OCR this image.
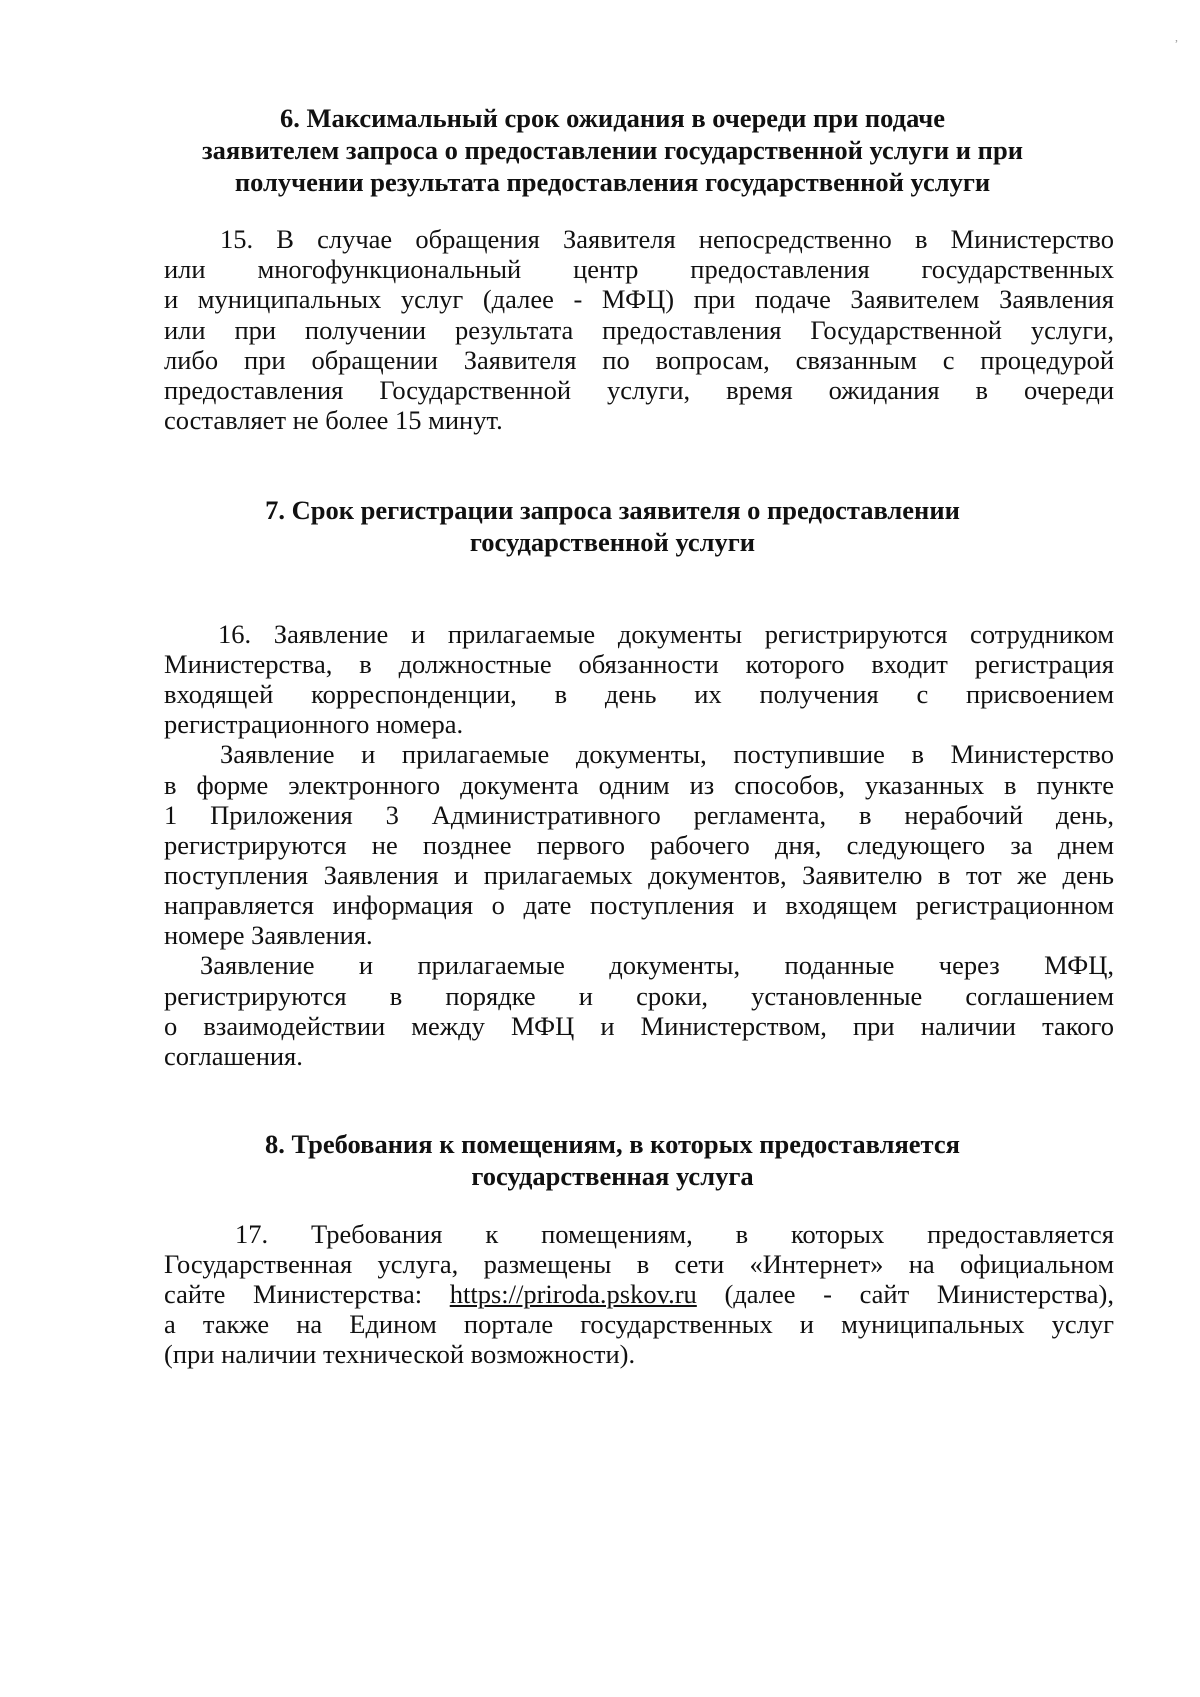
6. Максимальный срок ожидания в очереди при подаче
заявителем запроса о предоставлении государственной услуги и при
получении результата предоставления государственной услуги
15. В случае обращения Заявителя непосредственно в Министерство
или многофункциональный центр предоставления государственных
и муниципальных услуг (далее - МФЦ) при подаче Заявителем Заявления
или при получении результата предоставления Государственной услуги,
либо при обращении Заявителя по вопросам, связанным с процедурой
предоставления Государственной услуги, время ожидания в очереди
составляет не более 15 минут.
7. Срок регистрации запроса заявителя о предоставлении
государственной услуги
16. Заявление и прилагаемые документы регистрируются сотрудником
Министерства, в должностные обязанности которого входит регистрация
входящей корреспонденции, в день их получения с присвоением
регистрационного номера.
Заявление и прилагаемые документы, поступившие в Министерство
в форме электронного документа одним из способов, указанных в пункте
1 Приложения 3 Административного регламента, в нерабочий день,
регистрируются не позднее первого рабочего дня, следующего за днем
поступления Заявления и прилагаемых документов, Заявителю в тот же день
направляется информация о дате поступления и входящем регистрационном
номере Заявления.
Заявление и прилагаемые документы, поданные через МФЦ,
регистрируются в порядке и сроки, установленные соглашением
о взаимодействии между МФЦ и Министерством, при наличии такого
соглашения.
8. Требования к помещениям, в которых предоставляется
государственная услуга
17. Требования к помещениям, в которых предоставляется
Государственная услуга, размещены в сети «Интернет» на официальном
сайте Министерства: https://priroda.pskov.ru (далее - сайт Министерства),
а также на Едином портале государственных и муниципальных услуг
(при наличии технической возможности).
,
